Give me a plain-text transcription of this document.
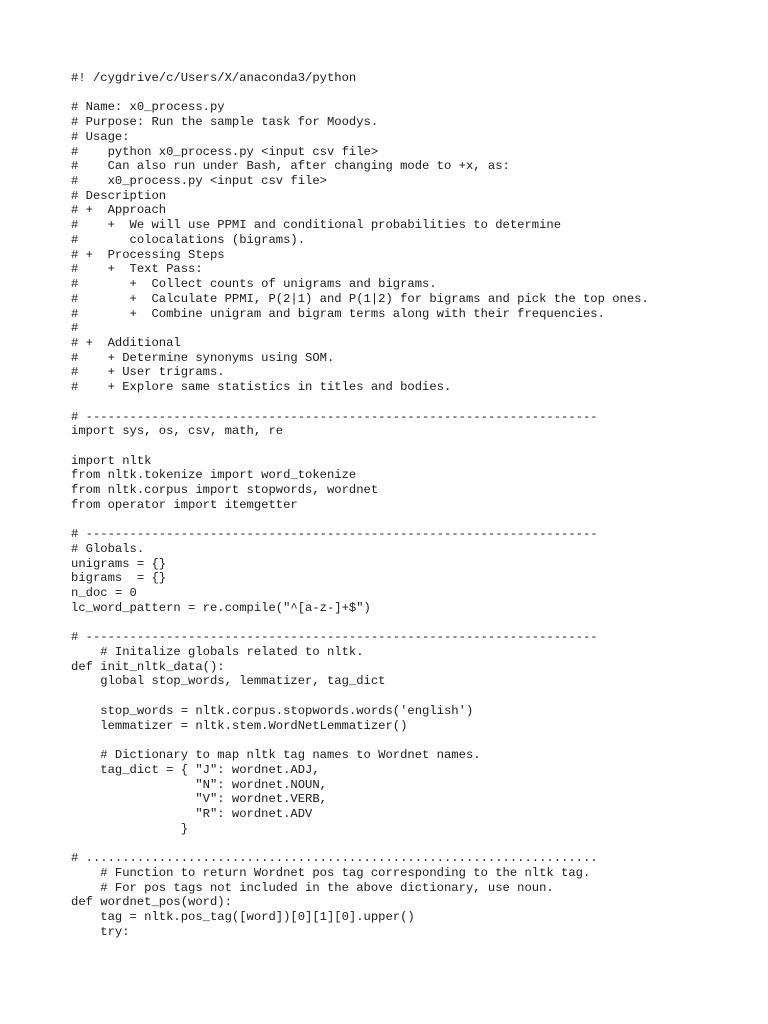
#! /cygdrive/c/Users/X/anaconda3/python

# Name: x0_process.py
# Purpose: Run the sample task for Moodys.
# Usage:
#    python x0_process.py <input csv file>
#    Can also run under Bash, after changing mode to +x, as:
#    x0_process.py <input csv file>
# Description
# +  Approach
#    +  We will use PPMI and conditional probabilities to determine
#       colocalations (bigrams).
# +  Processing Steps
#    +  Text Pass:
#       +  Collect counts of unigrams and bigrams.
#       +  Calculate PPMI, P(2|1) and P(1|2) for bigrams and pick the top ones.
#       +  Combine unigram and bigram terms along with their frequencies.
#
# +  Additional
#    + Determine synonyms using SOM.
#    + User trigrams.
#    + Explore same statistics in titles and bodies.

# ----------------------------------------------------------------------
import sys, os, csv, math, re

import nltk
from nltk.tokenize import word_tokenize
from nltk.corpus import stopwords, wordnet
from operator import itemgetter

# ----------------------------------------------------------------------
# Globals.
unigrams = {}
bigrams  = {}
n_doc = 0
lc_word_pattern = re.compile("^[a-z-]+$")

# ----------------------------------------------------------------------
# Initalize globals related to nltk.
def init_nltk_data():
global stop_words, lemmatizer, tag_dict

stop_words = nltk.corpus.stopwords.words('english')
lemmatizer = nltk.stem.WordNetLemmatizer()

# Dictionary to map nltk tag names to Wordnet names.
tag_dict = { "J": wordnet.ADJ,
"N": wordnet.NOUN,
"V": wordnet.VERB,
"R": wordnet.ADV
}

# ......................................................................
# Function to return Wordnet pos tag corresponding to the nltk tag.
# For pos tags not included in the above dictionary, use noun.
def wordnet_pos(word):
tag = nltk.pos_tag([word])[0][1][0].upper()
try:
